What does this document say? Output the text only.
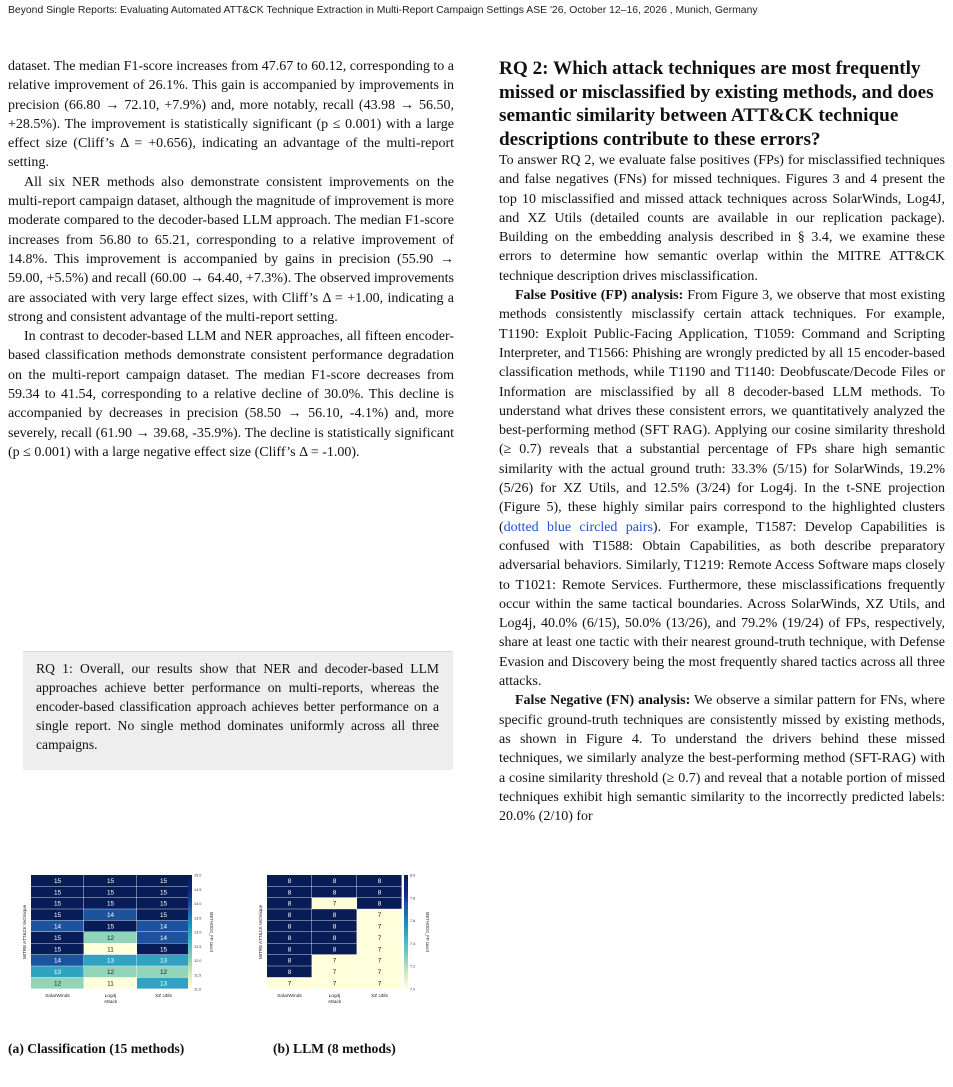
Beyond Single Reports: Evaluating Automated ATT&CK Technique Extraction in Multi-Report Campaign Settings ASE '26, October 12–16, 2026 , Munich, Germany

dataset. The median F1-score increases from 47.67 to 60.12, corresponding to a relative improvement of 26.1%. This gain is accompanied by improvements in precision (66.80 → 72.10, +7.9%) and, more notably, recall (43.98 → 56.50, +28.5%). The improvement is statistically significant (p ≤ 0.001) with a large effect size (Cliff’s Δ = +0.656), indicating an advantage of the multi-report setting.

All six NER methods also demonstrate consistent improvements on the multi-report campaign dataset, although the magnitude of improvement is more moderate compared to the decoder-based LLM approach. The median F1-score increases from 56.80 to 65.21, corresponding to a relative improvement of 14.8%. This improvement is accompanied by gains in precision (55.90 → 59.00, +5.5%) and recall (60.00 → 64.40, +7.3%). The observed improvements are associated with very large effect sizes, with Cliff’s Δ = +1.00, indicating a strong and consistent advantage of the multi-report setting.

In contrast to decoder-based LLM and NER approaches, all fifteen encoder-based classification methods demonstrate consistent performance degradation on the multi-report campaign dataset. The median F1-score decreases from 59.34 to 41.54, corresponding to a relative decline of 30.0%. This decline is accompanied by decreases in precision (58.50 → 56.10, -4.1%) and, more severely, recall (61.90 → 39.68, -35.9%). The decline is statistically significant (p ≤ 0.001) with a large negative effect size (Cliff’s Δ = -1.00).

RQ 1: Overall, our results show that NER and decoder-based LLM approaches achieve better performance on multi-reports, whereas the encoder-based classification approach achieves better performance on a single report. No single method dominates uniformly across all three campaigns.

15	15	15
15	15	15
15	15	15
15	14	15
14	15	14
15	12	14
15	11	15
14	13	13
13	12	12
12	11	13
SolarWinds	Log4j	XZ Utils
Attack
MITRE ATT&CK technique
15.0
14.5
14.0
13.5
13.0
12.5
12.0
11.5
11.0
METHODS_FP count
8	8	8
8	8	8
8	7	8
8	8	7
8	8	7
8	8	7
8	8	7
8	7	7
8	7	7
7	7	7
SolarWinds	Log4j	XZ Utils
Attack
MITRE ATT&CK technique
8.0
7.8
7.6
7.4
7.2
7.0
METHODS_FP count
(a) Classification (15 methods)	(b) LLM (8 methods)

RQ 2: Which attack techniques are most frequently missed or misclassified by existing methods, and does semantic similarity between ATT&CK technique descriptions contribute to these errors?

To answer RQ 2, we evaluate false positives (FPs) for misclassified techniques and false negatives (FNs) for missed techniques. Figures 3 and 4 present the top 10 misclassified and missed attack techniques across SolarWinds, Log4J, and XZ Utils (detailed counts are available in our replication package). Building on the embedding analysis described in § 3.4, we examine these errors to determine how semantic overlap within the MITRE ATT&CK technique description drives misclassification.

False Positive (FP) analysis: From Figure 3, we observe that most existing methods consistently misclassify certain attack techniques. For example, T1190: Exploit Public-Facing Application, T1059: Command and Scripting Interpreter, and T1566: Phishing are wrongly predicted by all 15 encoder-based classification methods, while T1190 and T1140: Deobfuscate/Decode Files or Information are misclassified by all 8 decoder-based LLM methods. To understand what drives these consistent errors, we quantitatively analyzed the best-performing method (SFT RAG). Applying our cosine similarity threshold (≥ 0.7) reveals that a substantial percentage of FPs share high semantic similarity with the actual ground truth: 33.3% (5/15) for SolarWinds, 19.2% (5/26) for XZ Utils, and 12.5% (3/24) for Log4j. In the t-SNE projection (Figure 5), these highly similar pairs correspond to the highlighted clusters (dotted blue circled pairs). For example, T1587: Develop Capabilities is confused with T1588: Obtain Capabilities, as both describe preparatory adversarial behaviors. Similarly, T1219: Remote Access Software maps closely to T1021: Remote Services. Furthermore, these misclassifications frequently occur within the same tactical boundaries. Across SolarWinds, XZ Utils, and Log4j, 40.0% (6/15), 50.0% (13/26), and 79.2% (19/24) of FPs, respectively, share at least one tactic with their nearest ground-truth technique, with Defense Evasion and Discovery being the most frequently shared tactics across all three attacks.

False Negative (FN) analysis: We observe a similar pattern for FNs, where specific ground-truth techniques are consistently missed by existing methods, as shown in Figure 4. To understand the drivers behind these missed techniques, we similarly analyze the best-performing method (SFT-RAG) with a cosine similarity threshold (≥ 0.7) and reveal that a notable portion of missed techniques exhibit high semantic similarity to the incorrectly predicted labels: 20.0% (2/10) for
